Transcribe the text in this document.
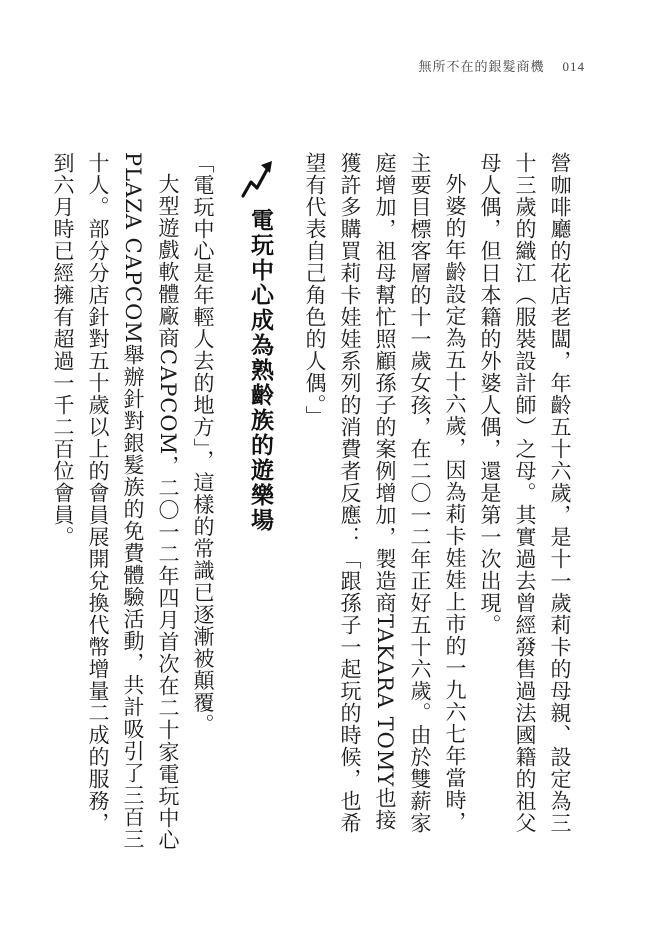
無所不在的銀髮商機 014

營咖啡廳的花店老闆，年齡五十六歲，是十一歲莉卡的母親、設定為三十三歲的織江（服裝設計師）之母。其實過去曾經發售過法國籍的祖父母人偶，但日本籍的外婆人偶，還是第一次出現。

外婆的年齡設定為五十六歲，因為莉卡娃娃上市的一九六七年當時，主要目標客層的十一歲女孩，在二〇一二年正好五十六歲。由於雙薪家庭增加，祖母幫忙照顧孫子的案例增加，製造商TAKARA TOMY也接獲許多購買莉卡娃娃系列的消費者反應：「跟孫子一起玩的時候，也希望有代表自己角色的人偶。」

電玩中心成為熟齡族的遊樂場

「電玩中心是年輕人去的地方」，這樣的常識已逐漸被顛覆。

大型遊戲軟體廠商CAPCOM，二〇一二年四月首次在二十家電玩中心PLAZA CAPCOM舉辦針對銀髮族的免費體驗活動，共計吸引了三百三十人。部分分店針對五十歲以上的會員展開兌換代幣增量二成的服務，到六月時已經擁有超過一千二百位會員。
